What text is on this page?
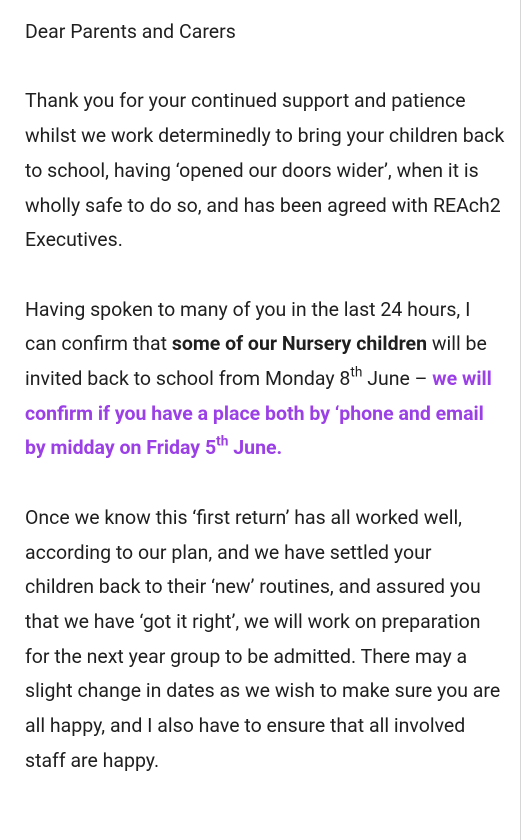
Dear Parents and Carers

Thank you for your continued support and patience whilst we work determinedly to bring your children back to school, having ‘opened our doors wider’, when it is wholly safe to do so, and has been agreed with REAch2 Executives.

Having spoken to many of you in the last 24 hours, I can confirm that some of our Nursery children will be invited back to school from Monday 8th June – we will confirm if you have a place both by ‘phone and email by midday on Friday 5th June.

Once we know this ‘first return’ has all worked well, according to our plan, and we have settled your children back to their ‘new’ routines, and assured you that we have ‘got it right’, we will work on preparation for the next year group to be admitted. There may a slight change in dates as we wish to make sure you are all happy, and I also have to ensure that all involved staff are happy.
